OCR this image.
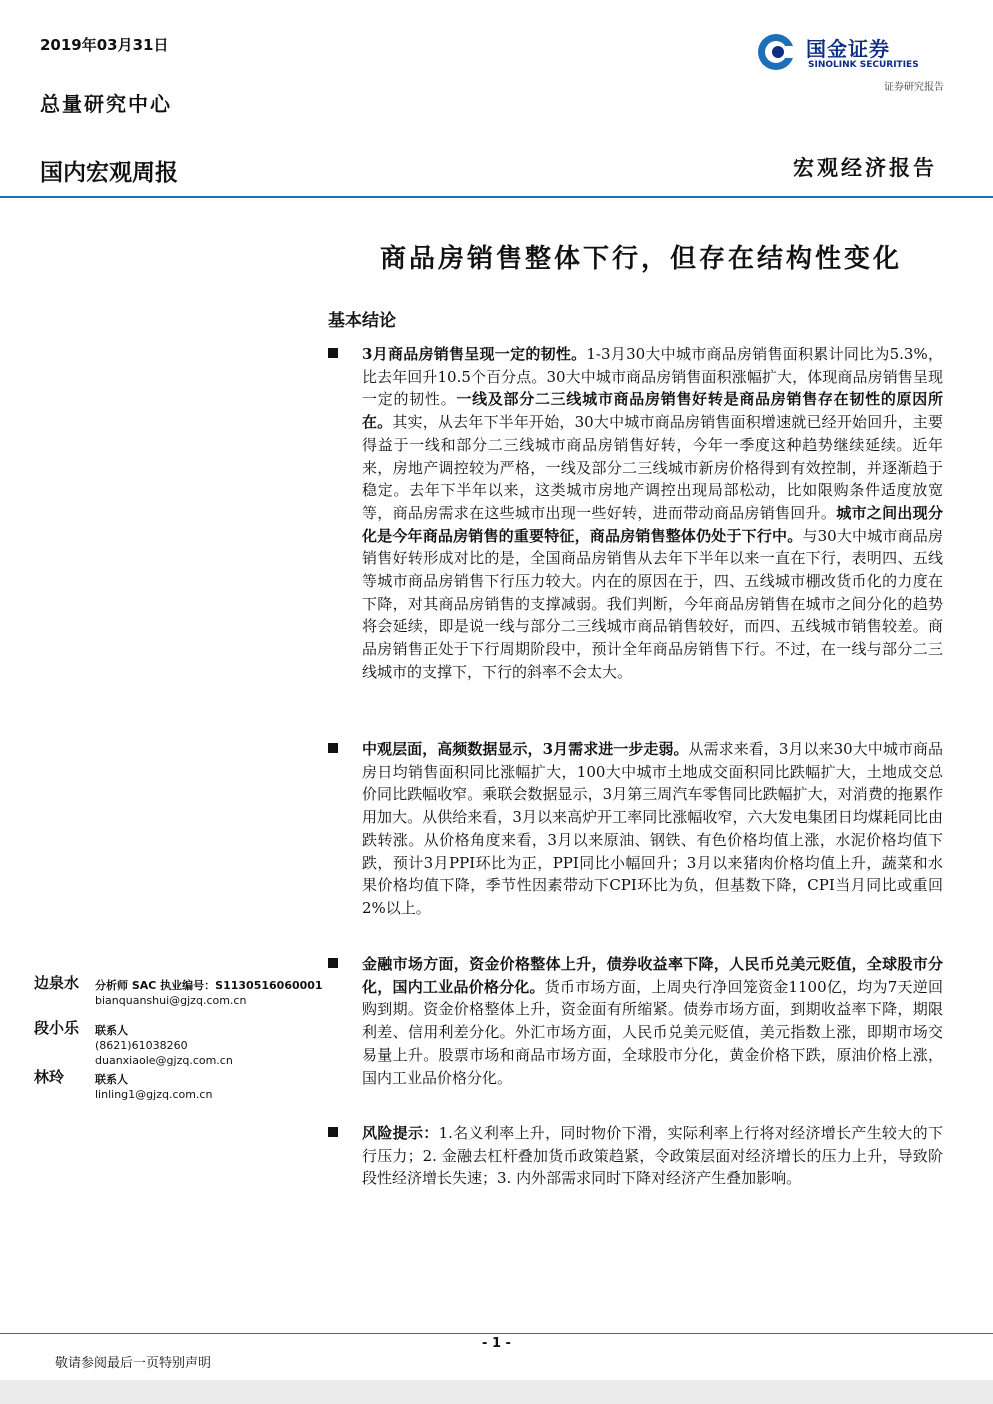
2019年03月31日
总量研究中心
国内宏观周报	宏观经济报告
国金证券
SINOLINK SECURITIES
证券研究报告
商品房销售整体下行，但存在结构性变化
基本结论
3月商品房销售呈现一定的韧性。1-3月30大中城市商品房销售面积累计同比为5.3%，比去年回升10.5个百分点。30大中城市商品房销售面积涨幅扩大，体现商品房销售呈现一定的韧性。一线及部分二三线城市商品房销售好转是商品房销售存在韧性的原因所在。其实，从去年下半年开始，30大中城市商品房销售面积增速就已经开始回升，主要得益于一线和部分二三线城市商品房销售好转，今年一季度这种趋势继续延续。近年来，房地产调控较为严格，一线及部分二三线城市新房价格得到有效控制，并逐渐趋于稳定。去年下半年以来，这类城市房地产调控出现局部松动，比如限购条件适度放宽等，商品房需求在这些城市出现一些好转，进而带动商品房销售回升。城市之间出现分化是今年商品房销售的重要特征，商品房销售整体仍处于下行中。与30大中城市商品房销售好转形成对比的是，全国商品房销售从去年下半年以来一直在下行，表明四、五线等城市商品房销售下行压力较大。内在的原因在于，四、五线城市棚改货币化的力度在下降，对其商品房销售的支撑减弱。我们判断，今年商品房销售在城市之间分化的趋势将会延续，即是说一线与部分二三线城市商品销售较好，而四、五线城市销售较差。商品房销售正处于下行周期阶段中，预计全年商品房销售下行。不过，在一线与部分二三线城市的支撑下，下行的斜率不会太大。
中观层面，高频数据显示，3月需求进一步走弱。从需求来看，3月以来30大中城市商品房日均销售面积同比涨幅扩大，100大中城市土地成交面积同比跌幅扩大，土地成交总价同比跌幅收窄。乘联会数据显示，3月第三周汽车零售同比跌幅扩大，对消费的拖累作用加大。从供给来看，3月以来高炉开工率同比涨幅收窄，六大发电集团日均煤耗同比由跌转涨。从价格角度来看，3月以来原油、钢铁、有色价格均值上涨，水泥价格均值下跌，预计3月PPI环比为正，PPI同比小幅回升；3月以来猪肉价格均值上升，蔬菜和水果价格均值下降，季节性因素带动下CPI环比为负，但基数下降，CPI当月同比或重回2%以上。
金融市场方面，资金价格整体上升，债券收益率下降，人民币兑美元贬值，全球股市分化，国内工业品价格分化。货币市场方面，上周央行净回笼资金1100亿，均为7天逆回购到期。资金价格整体上升，资金面有所缩紧。债券市场方面，到期收益率下降，期限利差、信用利差分化。外汇市场方面，人民币兑美元贬值，美元指数上涨，即期市场交易量上升。股票市场和商品市场方面，全球股市分化，黄金价格下跌，原油价格上涨，国内工业品价格分化。
风险提示：1.名义利率上升，同时物价下滑，实际利率上行将对经济增长产生较大的下行压力；2. 金融去杠杆叠加货币政策趋紧，令政策层面对经济增长的压力上升，导致阶段性经济增长失速；3. 内外部需求同时下降对经济产生叠加影响。
边泉水 分析师 SAC 执业编号：S1130516060001
bianquanshui@gjzq.com.cn
段小乐 联系人
(8621)61038260
duanxiaole@gjzq.com.cn
林玲	联系人
linling1@gjzq.com.cn
- 1 -
敬请参阅最后一页特别声明
